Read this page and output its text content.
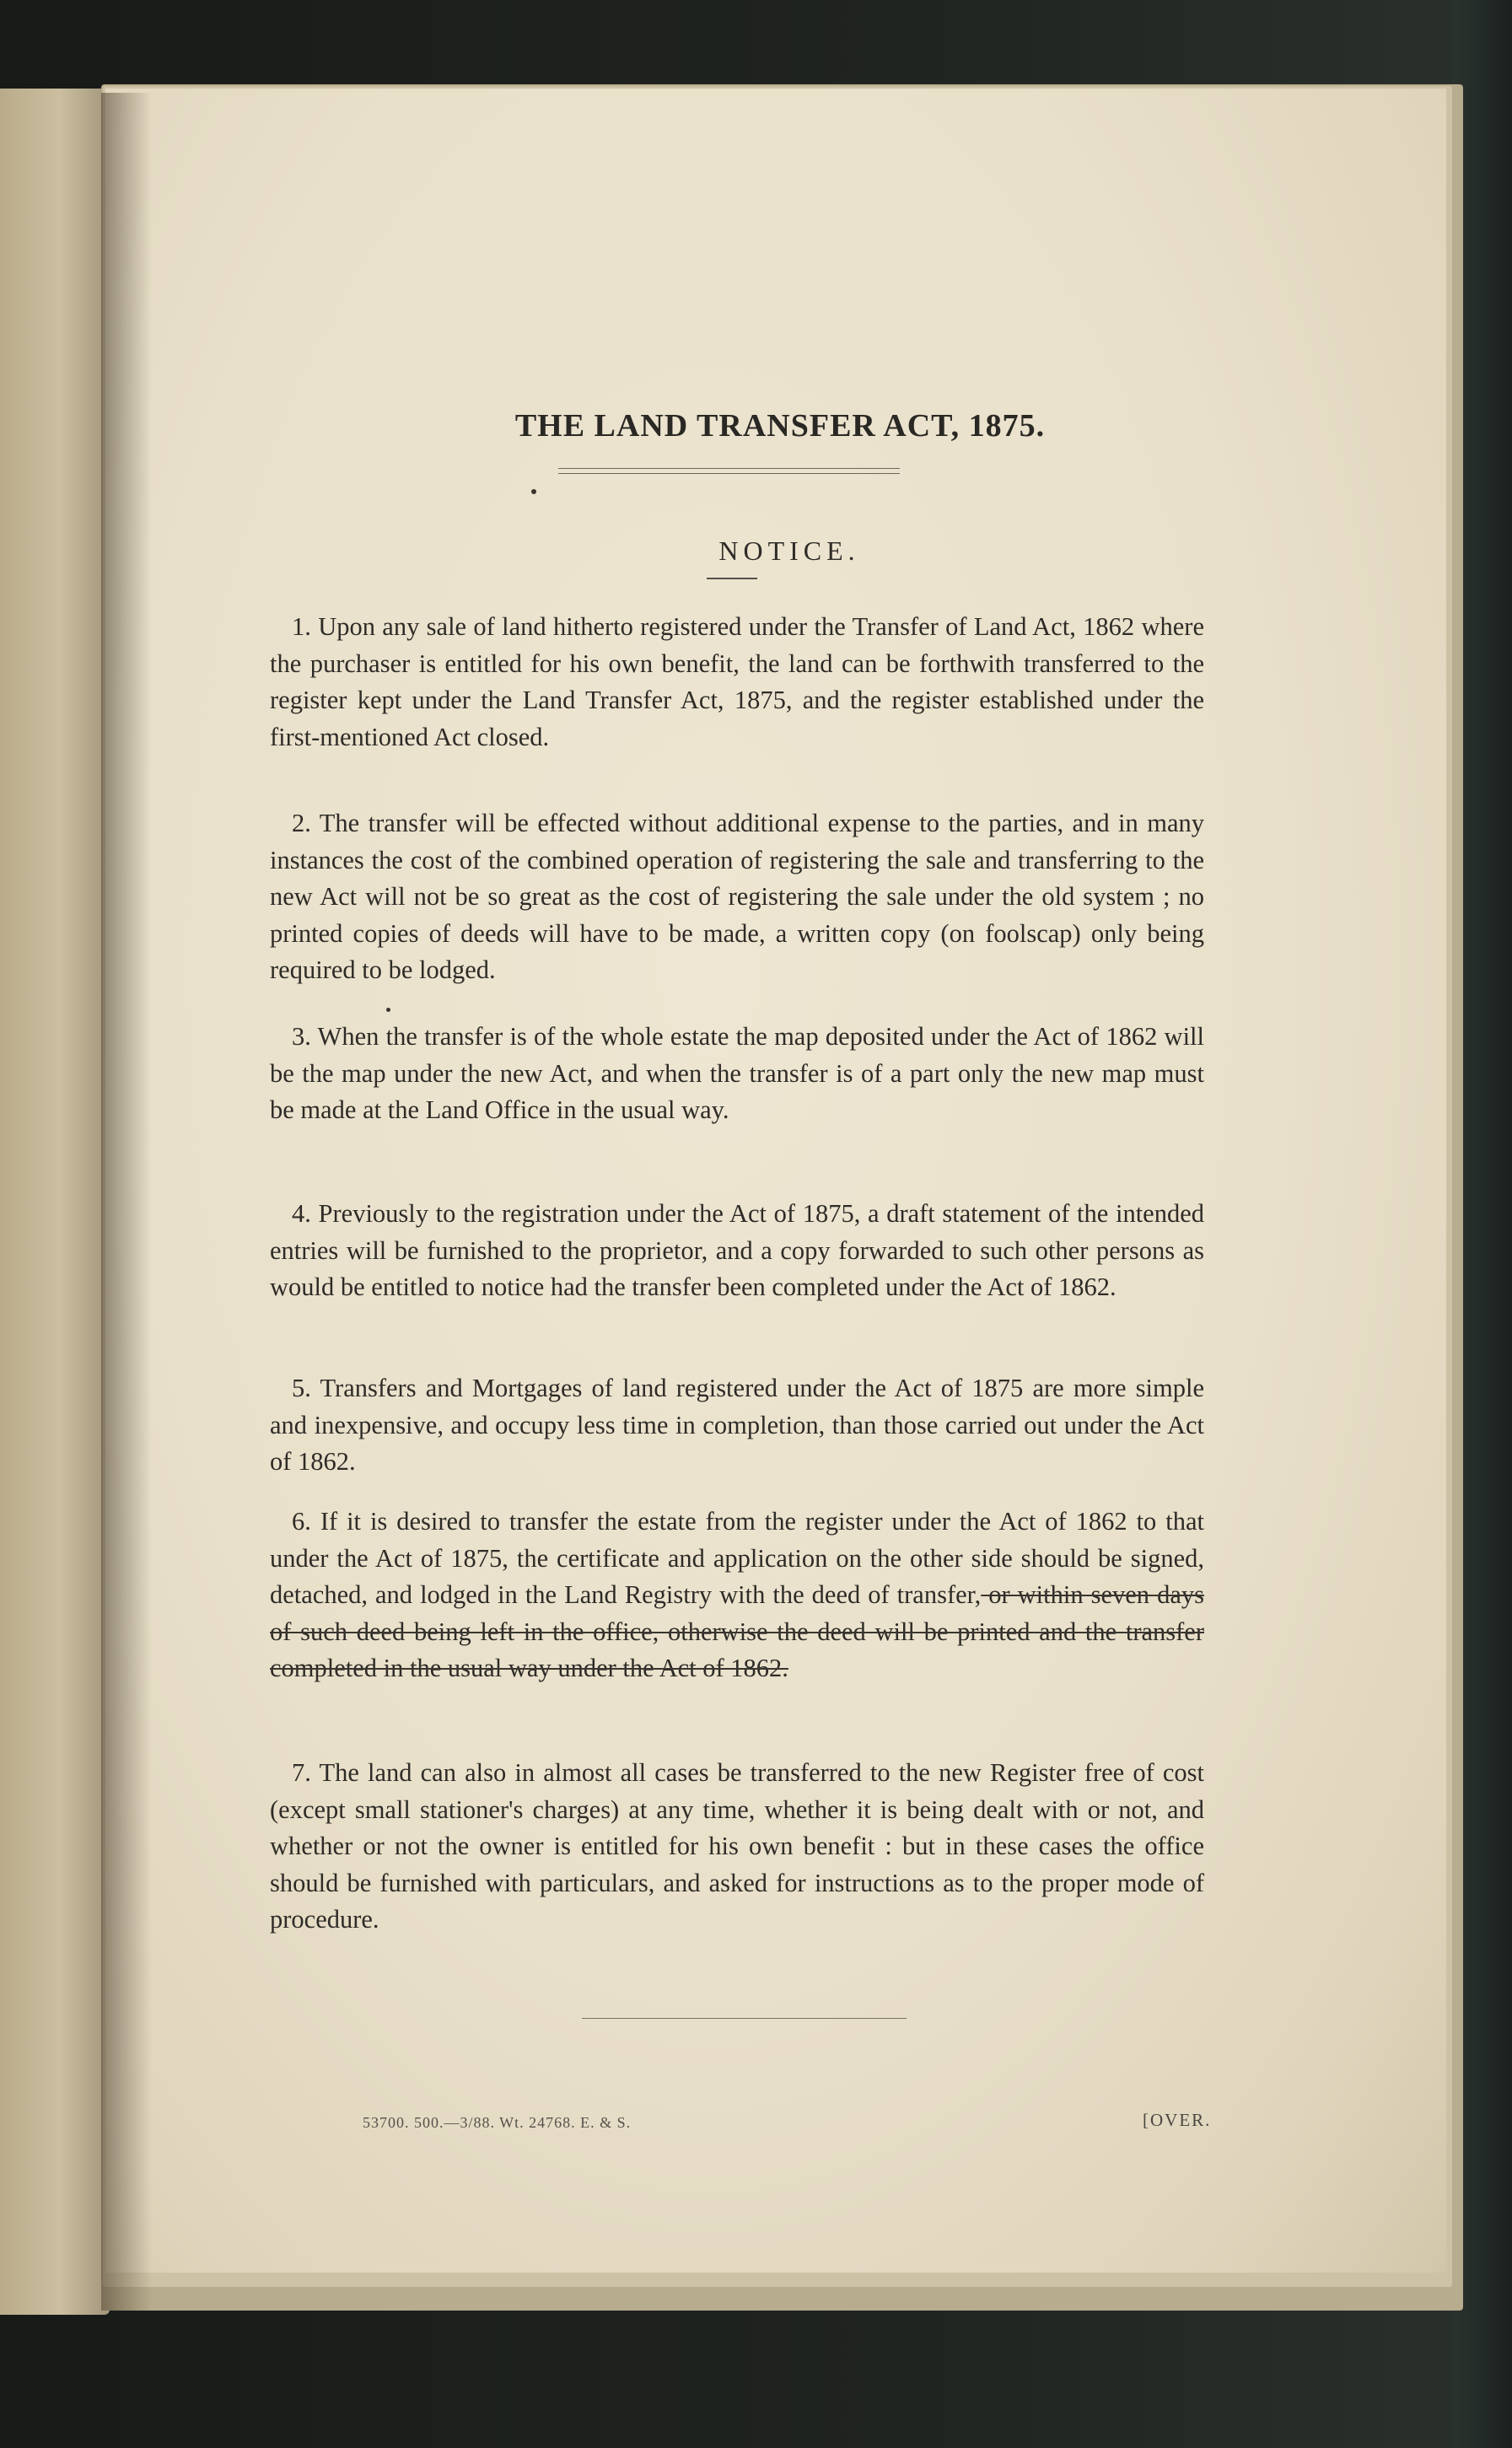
THE LAND TRANSFER ACT, 1875.
NOTICE.

1. Upon any sale of land hitherto registered under the Transfer of Land Act, 1862 where the purchaser is entitled for his own benefit, the land can be forthwith transferred to the register kept under the Land Transfer Act, 1875, and the register established under the first-mentioned Act closed.

2. The transfer will be effected without additional expense to the parties, and in many instances the cost of the combined operation of registering the sale and transferring to the new Act will not be so great as the cost of registering the sale under the old system ; no printed copies of deeds will have to be made, a written copy (on foolscap) only being required to be lodged.

3. When the transfer is of the whole estate the map deposited under the Act of 1862 will be the map under the new Act, and when the transfer is of a part only the new map must be made at the Land Office in the usual way.

4. Previously to the registration under the Act of 1875, a draft statement of the intended entries will be furnished to the proprietor, and a copy forwarded to such other persons as would be entitled to notice had the transfer been completed under the Act of 1862.

5. Transfers and Mortgages of land registered under the Act of 1875 are more simple and inexpensive, and occupy less time in completion, than those carried out under the Act of 1862.

6. If it is desired to transfer the estate from the register under the Act of 1862 to that under the Act of 1875, the certificate and application on the other side should be signed, detached, and lodged in the Land Registry with the deed of transfer, or within seven days of such deed being left in the office, otherwise the deed will be printed and the transfer completed in the usual way under the Act of 1862.

7. The land can also in almost all cases be transferred to the new Register free of cost (except small stationer's charges) at any time, whether it is being dealt with or not, and whether or not the owner is entitled for his own benefit : but in these cases the office should be furnished with particulars, and asked for instructions as to the proper mode of procedure.

53700. 500.—3/88. Wt. 24768. E. & S.	[OVER.
